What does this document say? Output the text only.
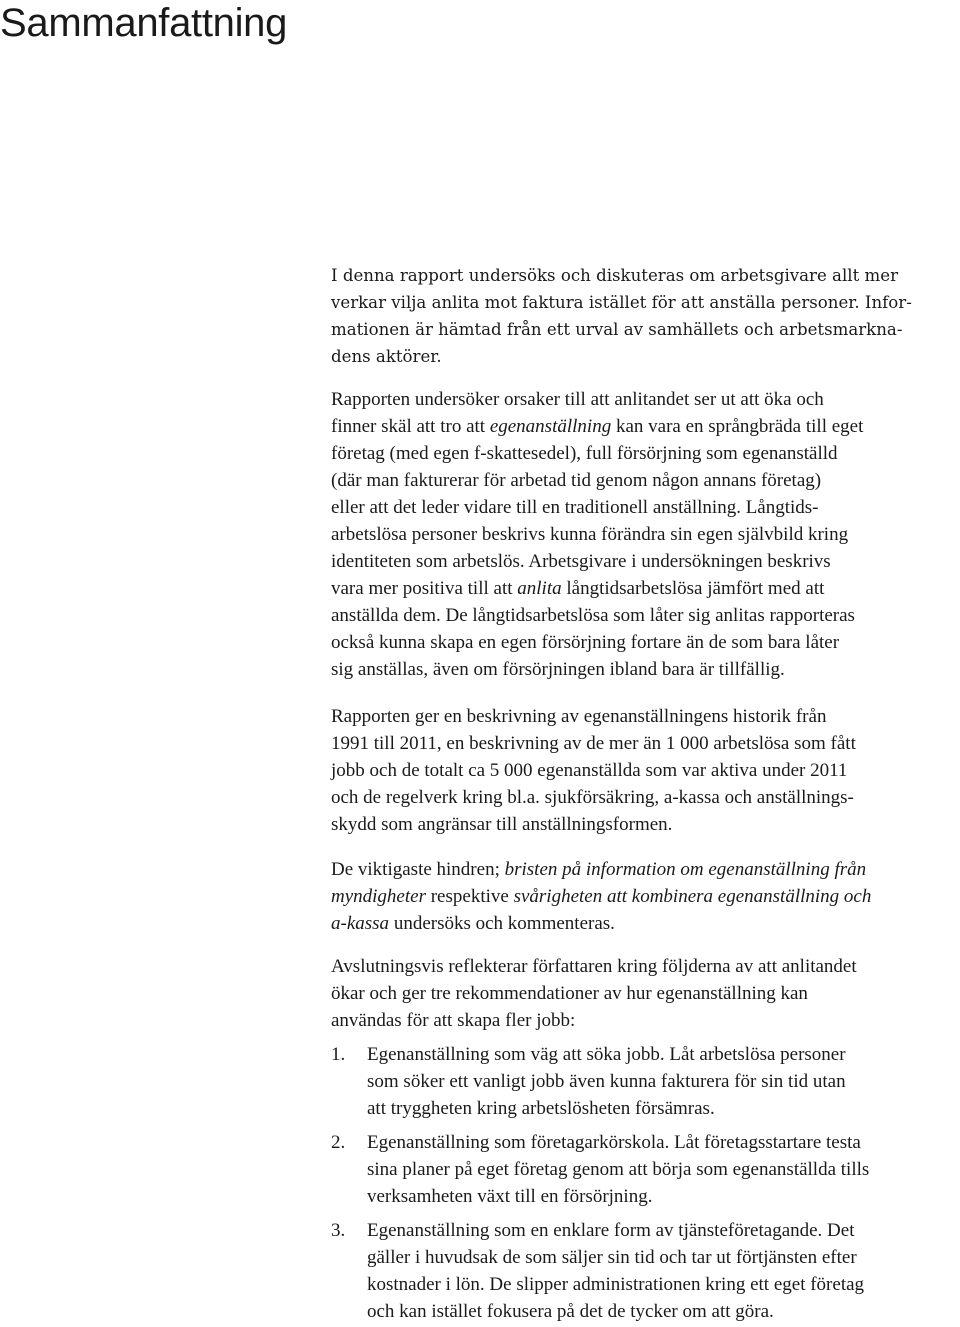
Sammanfattning

I denna rapport undersöks och diskuteras om arbetsgivare allt mer

verkar vilja anlita mot faktura istället för att anställa personer. Infor-

mationen är hämtad från ett urval av samhällets och arbetsmarkna-

dens aktörer.

Rapporten undersöker orsaker till att anlitandet ser ut att öka och

finner skäl att tro att egenanställning kan vara en språngbräda till eget

företag (med egen f-skattesedel), full försörjning som egenanställd

(där man fakturerar för arbetad tid genom någon annans företag)

eller att det leder vidare till en traditionell anställning. Långtids-

arbetslösa personer beskrivs kunna förändra sin egen självbild kring

identiteten som arbetslös. Arbetsgivare i undersökningen beskrivs

vara mer positiva till att anlita långtidsarbetslösa jämfört med att

anställda dem. De långtidsarbetslösa som låter sig anlitas rapporteras

också kunna skapa en egen försörjning fortare än de som bara låter

sig anställas, även om försörjningen ibland bara är tillfällig.

Rapporten ger en beskrivning av egenanställningens historik från

1991 till 2011, en beskrivning av de mer än 1 000 arbetslösa som fått

jobb och de totalt ca 5 000 egenanställda som var aktiva under 2011

och de regelverk kring bl.a. sjukförsäkring, a-kassa och anställnings-

skydd som angränsar till anställningsformen.

De viktigaste hindren; bristen på information om egenanställning från

myndigheter respektive svårigheten att kombinera egenanställning och

a-kassa undersöks och kommenteras.

Avslutningsvis reflekterar författaren kring följderna av att anlitandet

ökar och ger tre rekommendationer av hur egenanställning kan

användas för att skapa fler jobb:

1. Egenanställning som väg att söka jobb. Låt arbetslösa personer

som söker ett vanligt jobb även kunna fakturera för sin tid utan

att tryggheten kring arbetslösheten försämras.

2. Egenanställning som företagarkörskola. Låt företagsstartare testa

sina planer på eget företag genom att börja som egenanställda tills

verksamheten växt till en försörjning.

3. Egenanställning som en enklare form av tjänsteföretagande. Det

gäller i huvudsak de som säljer sin tid och tar ut förtjänsten efter

kostnader i lön. De slipper administrationen kring ett eget företag

och kan istället fokusera på det de tycker om att göra.
